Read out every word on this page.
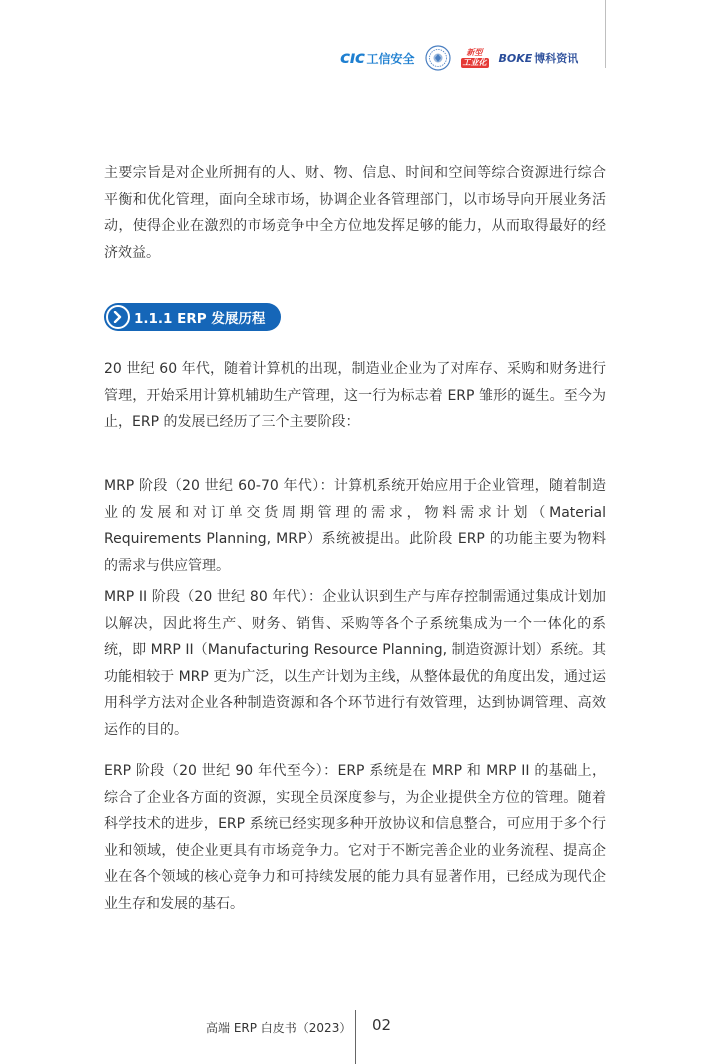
cıc 工信安全	新型
工业化 BOKE 博科资讯

主要宗旨是对企业所拥有的人、财、物、信息、时间和空间等综合资源进行综合平衡和优化管理，面向全球市场，协调企业各管理部门，以市场导向开展业务活动，使得企业在激烈的市场竞争中全方位地发挥足够的能力，从而取得最好的经济效益。

1.1.1 ERP 发展历程

20 世纪 60 年代，随着计算机的出现，制造业企业为了对库存、采购和财务进行管理，开始采用计算机辅助生产管理，这一行为标志着 ERP 雏形的诞生。至今为止，ERP 的发展已经历了三个主要阶段：

MRP 阶段（20 世纪 60-70 年代）：计算机系统开始应用于企业管理，随着制造业的发展和对订单交货周期管理的需求，物料需求计划（Material Requirements Planning, MRP）系统被提出。此阶段 ERP 的功能主要为物料的需求与供应管理。

MRP II 阶段（20 世纪 80 年代）：企业认识到生产与库存控制需通过集成计划加以解决，因此将生产、财务、销售、采购等各个子系统集成为一个一体化的系统，即 MRP II（Manufacturing Resource Planning, 制造资源计划）系统。其功能相较于 MRP 更为广泛，以生产计划为主线，从整体最优的角度出发，通过运用科学方法对企业各种制造资源和各个环节进行有效管理，达到协调管理、高效运作的目的。

ERP 阶段（20 世纪 90 年代至今）：ERP 系统是在 MRP 和 MRP II 的基础上，综合了企业各方面的资源，实现全员深度参与，为企业提供全方位的管理。随着科学技术的进步，ERP 系统已经实现多种开放协议和信息整合，可应用于多个行业和领域，使企业更具有市场竞争力。它对于不断完善企业的业务流程、提高企业在各个领域的核心竞争力和可持续发展的能力具有显著作用，已经成为现代企业生存和发展的基石。

高端 ERP 白皮书（2023） 02
